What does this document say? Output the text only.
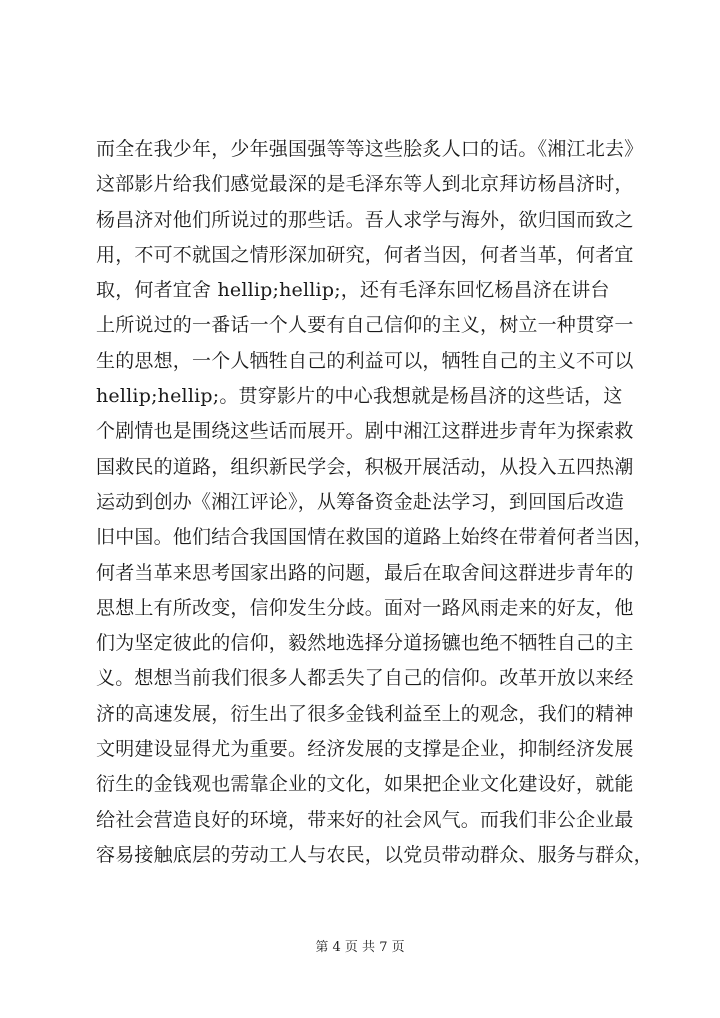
而全在我少年，少年强国强等等这些脍炙人口的话。《湘江北去》
这部影片给我们感觉最深的是毛泽东等人到北京拜访杨昌济时，
杨昌济对他们所说过的那些话。吾人求学与海外，欲归国而致之
用，不可不就国之情形深加研究，何者当因，何者当革，何者宜
取，何者宜舍 hellip;hellip;，还有毛泽东回忆杨昌济在讲台
上所说过的一番话一个人要有自己信仰的主义，树立一种贯穿一
生的思想，一个人牺牲自己的利益可以，牺牲自己的主义不可以
hellip;hellip;。贯穿影片的中心我想就是杨昌济的这些话，这
个剧情也是围绕这些话而展开。剧中湘江这群进步青年为探索救
国救民的道路，组织新民学会，积极开展活动，从投入五四热潮
运动到创办《湘江评论》，从筹备资金赴法学习，到回国后改造
旧中国。他们结合我国国情在救国的道路上始终在带着何者当因，
何者当革来思考国家出路的问题，最后在取舍间这群进步青年的
思想上有所改变，信仰发生分歧。面对一路风雨走来的好友，他
们为坚定彼此的信仰，毅然地选择分道扬镳也绝不牺牲自己的主
义。想想当前我们很多人都丢失了自己的信仰。改革开放以来经
济的高速发展，衍生出了很多金钱利益至上的观念，我们的精神
文明建设显得尤为重要。经济发展的支撑是企业，抑制经济发展
衍生的金钱观也需靠企业的文化，如果把企业文化建设好，就能
给社会营造良好的环境，带来好的社会风气。而我们非公企业最
容易接触底层的劳动工人与农民，以党员带动群众、服务与群众，
第 4 页 共 7 页
